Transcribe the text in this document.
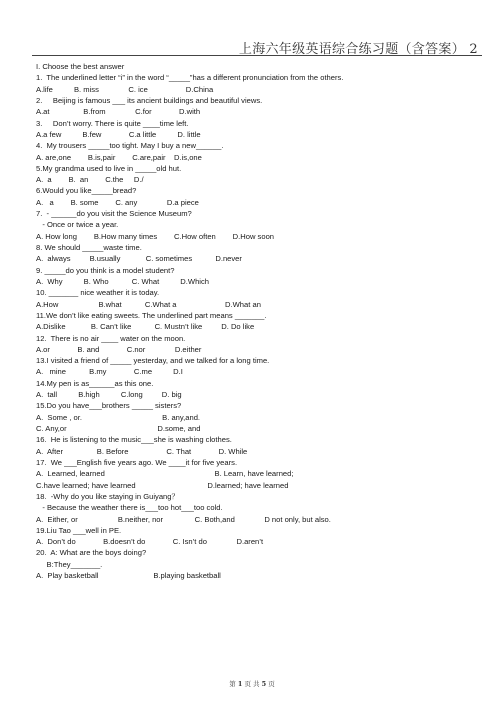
上海六年级英语综合练习题（含答案） 2
I. Choose the best answer
1.  The underlined letter “i” in the word “_____”has a different pronunciation from the others.
A.life          B. miss              C. ice                  D.China
2.     Beijing is famous ___ its ancient buildings and beautiful views.
A.at                B.from              C.for             D.with
3.     Don’t worry. There is quite ____time left.
A.a few          B.few             C.a little          D. little
4.  My trousers _____too tight. May I buy a new______.
A. are,one        B.is,pair        C.are,pair    D.is,one
5.My grandma used to live in _____old hut.
A.  a        B.  an        C.the     D./
6.Would you like_____bread?
A.   a        B. some        C. any              D.a piece
7.  - ______do you visit the Science Museum?
- Once or twice a year.
A. How long        B.How many times        C.How often        D.How soon
8. We should _____waste time.
A.  always         B.usually            C. sometimes           D.never
9. _____do you think is a model student?
A.  Why          B. Who           C. What          D.Which
10. _______ nice weather it is today.
A.How                   B.what           C.What a                       D.What an
11.We don’t like eating sweets. The underlined part means _______.
A.Dislike            B. Can’t like           C. Mustn’t like         D. Do like
12.  There is no air ____ water on the moon.
A.or             B. and             C.nor              D.either
13.I visited a friend of _____ yesterday, and we talked for a long time.
A.   mine           B.my             C.me          D.I
14.My pen is as______as this one.
A.  tall          B.high          C.long         D. big
15.Do you have___brothers _____ sisters?
A.  Some , or.                                      B. any,and.
C. Any,or                                           D.some, and
16.  He is listening to the music___she is washing clothes.
A.  After                B. Before                  C. That             D. While
17.  We ___English five years ago. We ____it for five years.
A.  Learned, learned                                                    B. Learn, have learned;
C.have learned; have learned                                  D.learned; have learned
18.  -Why do you like staying in Guiyang？
- Because the weather there is___too hot___too cold.
A.  Either, or                   B.neither, nor               C. Both,and              D not only, but also.
19.Liu Tao ___well in PE.
A.  Don’t do             B.doesn’t do             C. Isn’t do              D.aren’t
20.  A: What are the boys doing?
B:They_______.
A.  Play basketball                          B.playing basketball
第 1 页 共 5 页
